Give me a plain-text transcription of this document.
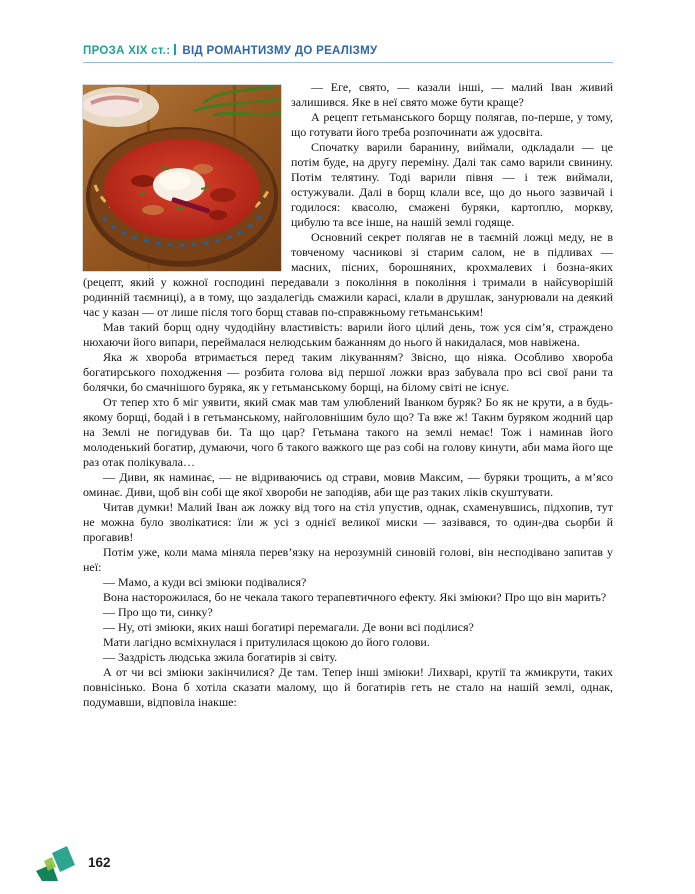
ПРОЗА XIX ст.: ВІД РОМАНТИЗМУ ДО РЕАЛІЗМУ

— Еге, свято, — казали інші, — малий Іван живий залишився. Яке в неї свято може бути краще?

А рецепт гетьманського борщу полягав, по-перше, у тому, що готувати його треба розпочинати аж удосвіта.

Спочатку варили баранину, виймали, одкладали — це потім буде, на другу переміну. Далі так само варили свинину. Потім телятину. Тоді варили півня — і теж виймали, остужували. Далі в борщ клали все, що до нього зазвичай і годилося: квасолю, смажені буряки, картоплю, моркву, цибулю та все інше, на нашій землі годяще.

Основний секрет полягав не в таємній ложці меду, не в товченому часникові зі старим салом, не в підливах — масних, пісних, борошняних, крохмалевих і бозна-яких (рецепт, який у кожної господині передавали з покоління в покоління і тримали в найсуворішій родинній таємниці), а в тому, що заздалегідь смажили карасі, клали в друшлак, занурювали на деякий час у казан — от лише після того борщ ставав по-справжньому гетьманським!

Мав такий борщ одну чудодійну властивість: варили його цілий день, тож уся сім’я, страждено нюхаючи його випари, переймалася нелюдським бажанням до нього й накидалася, мов навіжена.

Яка ж хвороба втримається перед таким лікуванням? Звісно, що ніяка. Особливо хвороба богатирського походження — розбита голова від першої ложки враз забувала про всі свої рани та болячки, бо смачнішого буряка, як у гетьманському борщі, на білому світі не існує.

От тепер хто б міг уявити, який смак мав там улюблений Іванком буряк? Бо як не крути, а в будь-якому борщі, бодай і в гетьманському, найголовнішим було що? Та вже ж! Таким буряком жодний цар на Землі не погидував би. Та що цар? Гетьмана такого на землі немає! Тож і наминав його молоденький богатир, думаючи, чого б такого важкого ще раз собі на голову кинути, аби мама його ще раз отак полікувала…

— Диви, як наминає, — не відриваючись од страви, мовив Максим, — буряки трощить, а м’ясо оминає. Диви, щоб він собі ще якої хвороби не заподіяв, аби ще раз таких ліків скуштувати.

Читав думки! Малий Іван аж ложку від того на стіл упустив, однак, схаменувшись, підхопив, тут не можна було зволікатися: їли ж усі з однієї великої миски — зазівався, то один-два сьорби й прогавив!

Потім уже, коли мама міняла перев’язку на нерозумній синовій голові, він несподівано запитав у неї:

— Мамо, а куди всі зміюки подівалися?

Вона насторожилася, бо не чекала такого терапевтичного ефекту. Які зміюки? Про що він марить?

— Про що ти, синку?

— Ну, оті зміюки, яких наші богатирі перемагали. Де вони всі поділися?

Мати лагідно всміхнулася і притулилася щокою до його голови.

— Заздрість людська зжила богатирів зі світу.

А от чи всі зміюки закінчилися? Де там. Тепер інші зміюки! Лихварі, крутії та жмикрути, таких повнісінько. Вона б хотіла сказати малому, що й богатирів геть не стало на нашій землі, однак, подумавши, відповіла інакше:

162
